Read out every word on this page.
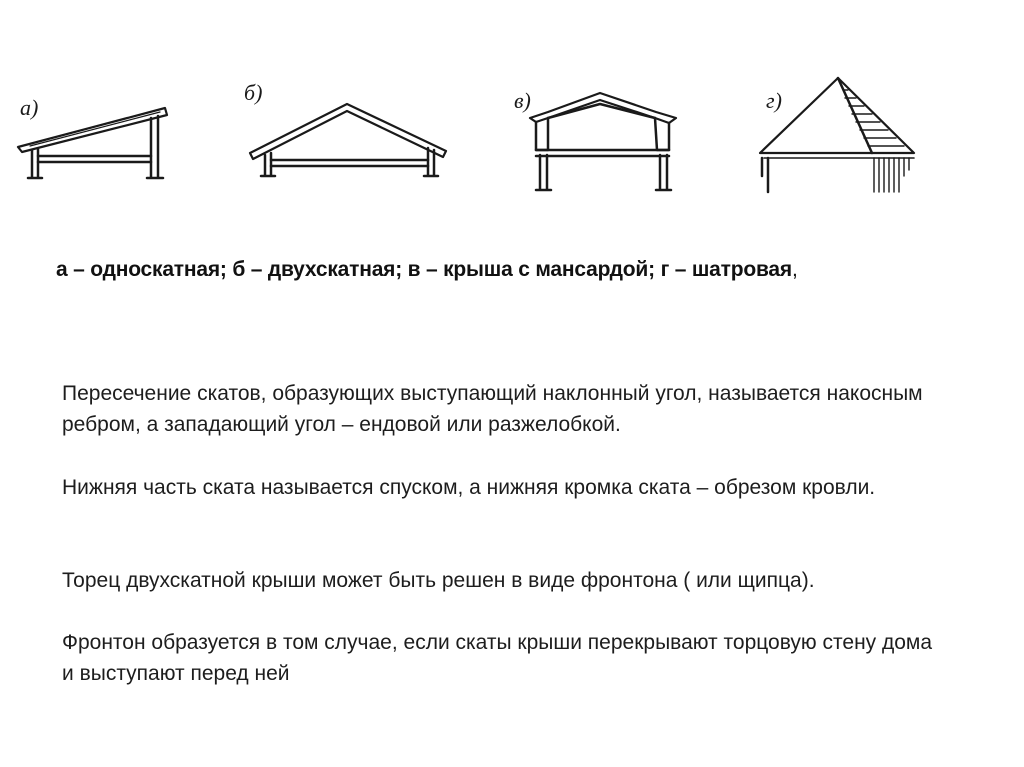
а)
б)	в)	г)
а – односкатная; б – двухскатная; в – крыша с мансардой; г – шатровая,

Пересечение скатов, образующих выступающий наклонный угол, называется накосным ребром, а западающий угол – ендовой или разжелобкой.

Нижняя часть ската называется спуском, а нижняя кромка ската – обрезом кровли.

Торец двухскатной крыши может быть решен в виде фронтона ( или щипца).

Фронтон образуется в том случае, если скаты крыши перекрывают торцовую стену дома и выступают перед ней
